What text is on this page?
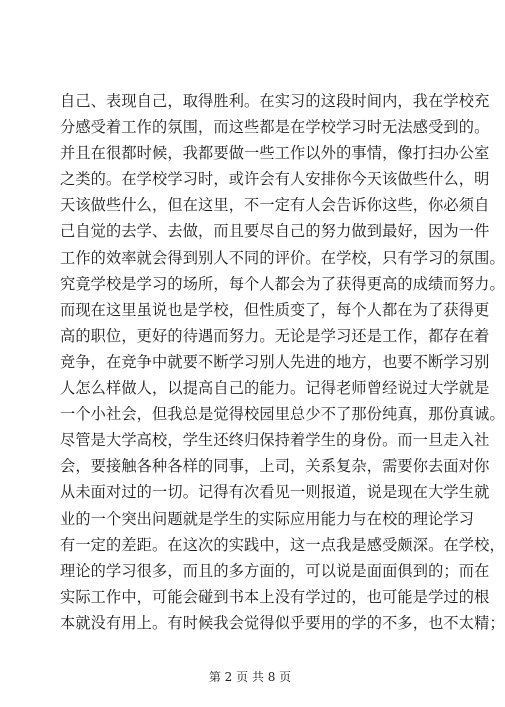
自己、表现自己，取得胜利。在实习的这段时间内，我在学校充
分感受着工作的氛围，而这些都是在学校学习时无法感受到的。
并且在很都时候，我都要做一些工作以外的事情，像打扫办公室
之类的。在学校学习时，或许会有人安排你今天该做些什么，明
天该做些什么，但在这里，不一定有人会告诉你这些，你必须自
己自觉的去学、去做，而且要尽自己的努力做到最好，因为一件
工作的效率就会得到别人不同的评价。在学校，只有学习的氛围。
究竟学校是学习的场所，每个人都会为了获得更高的成绩而努力。
而现在这里虽说也是学校，但性质变了，每个人都在为了获得更
高的职位，更好的待遇而努力。无论是学习还是工作，都存在着
竞争，在竞争中就要不断学习别人先进的地方，也要不断学习别
人怎么样做人，以提高自己的能力。记得老师曾经说过大学就是
一个小社会，但我总是觉得校园里总少不了那份纯真，那份真诚。
尽管是大学高校，学生还终归保持着学生的身份。而一旦走入社
会，要接触各种各样的同事，上司，关系复杂，需要你去面对你
从未面对过的一切。记得有次看见一则报道，说是现在大学生就
业的一个突出问题就是学生的实际应用能力与在校的理论学习
有一定的差距。在这次的实践中，这一点我是感受颇深。在学校，
理论的学习很多，而且的多方面的，可以说是面面俱到的；而在
实际工作中，可能会碰到书本上没有学过的，也可能是学过的根
本就没有用上。有时候我会觉得似乎要用的学的不多，也不太精；
第 2 页 共 8 页
